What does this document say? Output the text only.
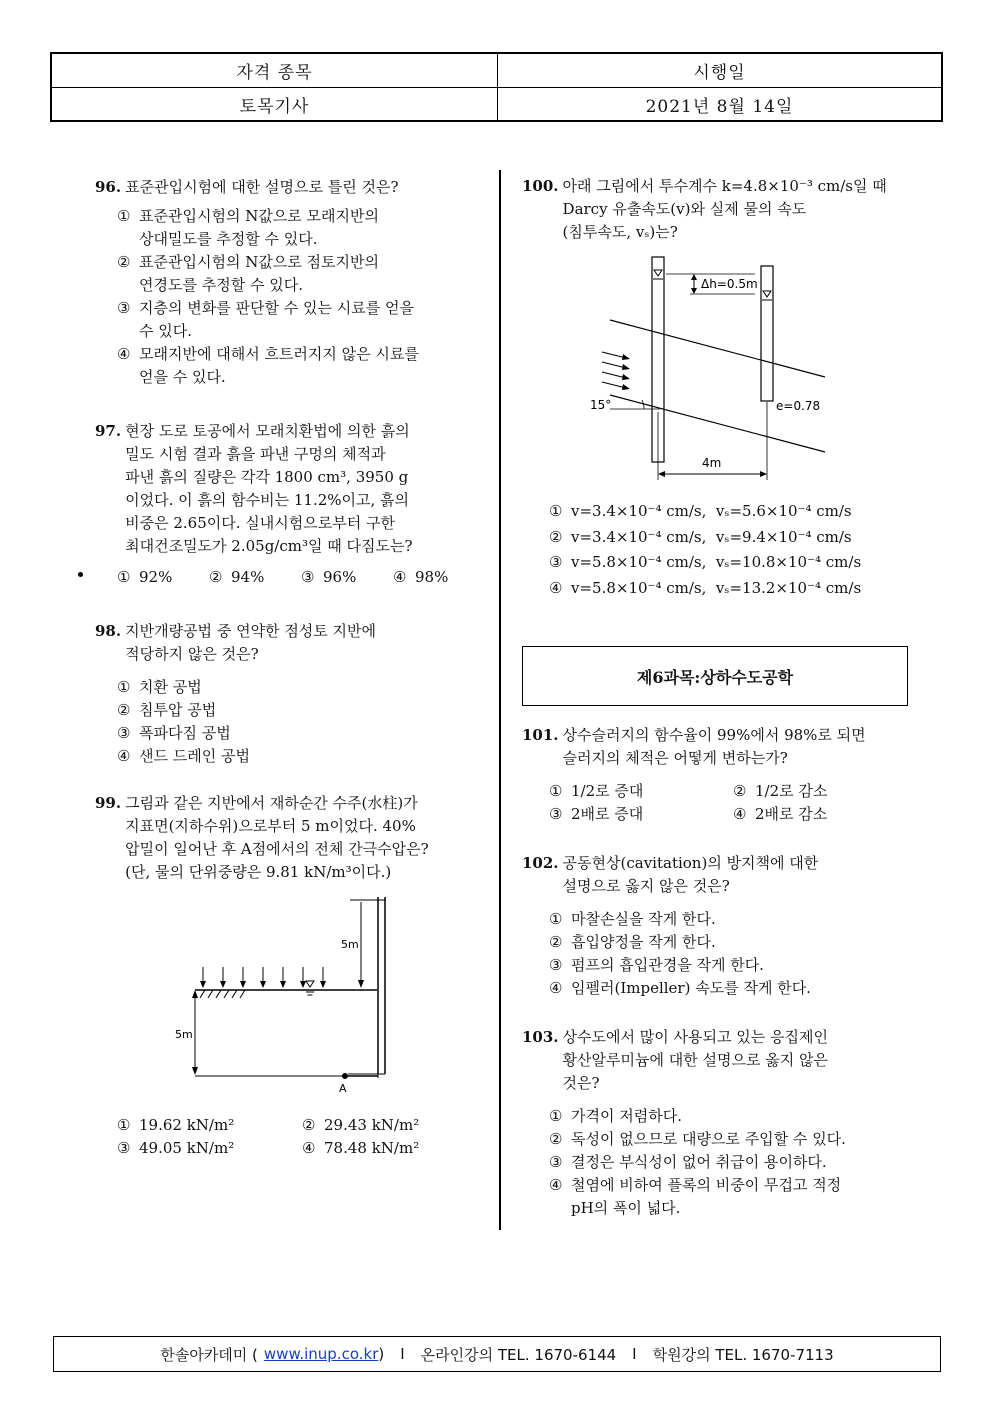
자격 종목	시행일
토목기사	2021년 8월 14일
96. 표준관입시험에 대한 설명으로 틀린 것은?
① 표준관입시험의 N값으로 모래지반의
상대밀도를 추정할 수 있다.
② 표준관입시험의 N값으로 점토지반의
연경도를 추정할 수 있다.
③ 지층의 변화를 판단할 수 있는 시료를 얻을
수 있다.
④ 모래지반에 대해서 흐트러지지 않은 시료를
얻을 수 있다.
97. 현장 도로 토공에서 모래치환법에 의한 흙의
밀도 시험 결과 흙을 파낸 구멍의 체적과
파낸 흙의 질량은 각각 1800 cm³, 3950 g
이었다. 이 흙의 함수비는 11.2%이고, 흙의
비중은 2.65이다. 실내시험으로부터 구한
최대건조밀도가 2.05g/cm³일 때 다짐도는?
① 92%	② 94%	③ 96%	④ 98%
98. 지반개량공법 중 연약한 점성토 지반에
적당하지 않은 것은?
① 치환 공법
② 침투압 공법
③ 폭파다짐 공법
④ 샌드 드레인 공법
99. 그림과 같은 지반에서 재하순간 수주(水柱)가
지표면(지하수위)으로부터 5 m이었다. 40%
압밀이 일어난 후 A점에서의 전체 간극수압은?
(단, 물의 단위중량은 9.81 kN/m³이다.)
5m
5m
A
① 19.62 kN/m²	② 29.43 kN/m²
③ 49.05 kN/m²	④ 78.48 kN/m²
100. 아래 그림에서 투수계수 k=4.8×10⁻³ cm/s일 때
Darcy 유출속도(v)와 실제 물의 속도
(침투속도, vₛ)는?
Δh=0.5m
15°	e=0.78
4m
① v=3.4×10⁻⁴ cm/s,  vₛ=5.6×10⁻⁴ cm/s
② v=3.4×10⁻⁴ cm/s,  vₛ=9.4×10⁻⁴ cm/s
③ v=5.8×10⁻⁴ cm/s,  vₛ=10.8×10⁻⁴ cm/s
④ v=5.8×10⁻⁴ cm/s,  vₛ=13.2×10⁻⁴ cm/s
제6과목:상하수도공학
101. 상수슬러지의 함수율이 99%에서 98%로 되면
슬러지의 체적은 어떻게 변하는가?
① 1/2로 증대	② 1/2로 감소
③ 2배로 증대	④ 2배로 감소
102. 공동현상(cavitation)의 방지책에 대한
설명으로 옳지 않은 것은?
① 마찰손실을 작게 한다.
② 흡입양정을 작게 한다.
③ 펌프의 흡입관경을 작게 한다.
④ 임펠러(Impeller) 속도를 작게 한다.
103. 상수도에서 많이 사용되고 있는 응집제인
황산알루미늄에 대한 설명으로 옳지 않은
것은?
① 가격이 저렴하다.
② 독성이 없으므로 대량으로 주입할 수 있다.
③ 결정은 부식성이 없어 취급이 용이하다.
④ 철염에 비하여 플록의 비중이 무겁고 적정
pH의 폭이 넓다.
한솔아카데미 ( www.inup.co.kr ) I 온라인강의 TEL. 1670-6144 I 학원강의 TEL. 1670-7113
